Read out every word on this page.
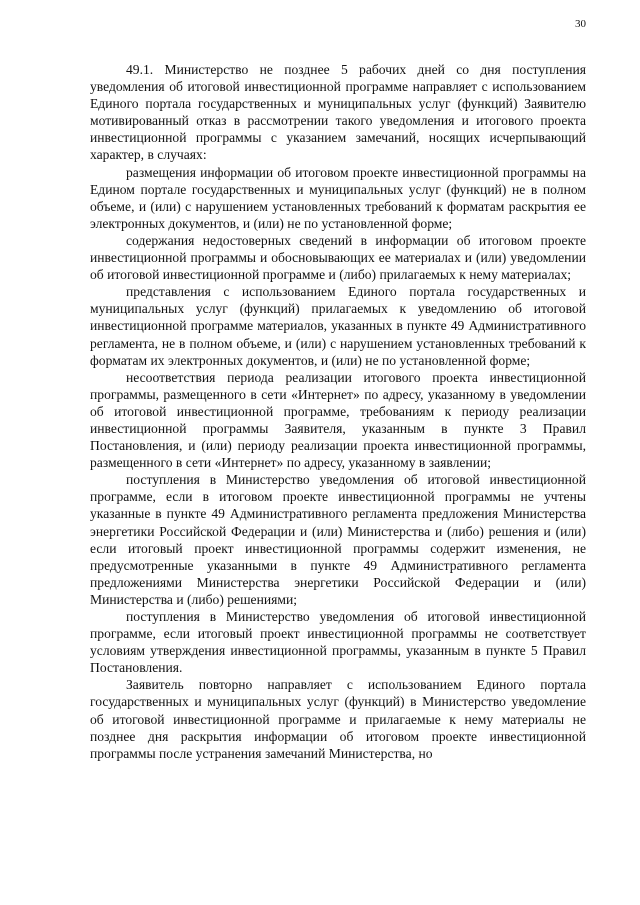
30

49.1. Министерство не позднее 5 рабочих дней со дня поступления уведомления об итоговой инвестиционной программе направляет с использованием Единого портала государственных и муниципальных услуг (функций) Заявителю мотивированный отказ в рассмотрении такого уведомления и итогового проекта инвестиционной программы с указанием замечаний, носящих исчерпывающий характер, в случаях:

размещения информации об итоговом проекте инвестиционной программы на Едином портале государственных и муниципальных услуг (функций) не в полном объеме, и (или) с нарушением установленных требований к форматам раскрытия ее электронных документов, и (или) не по установленной форме;

содержания недостоверных сведений в информации об итоговом проекте инвестиционной программы и обосновывающих ее материалах и (или) уведомлении об итоговой инвестиционной программе и (либо) прилагаемых к нему материалах;

представления с использованием Единого портала государственных и муниципальных услуг (функций) прилагаемых к уведомлению об итоговой инвестиционной программе материалов, указанных в пункте 49 Административного регламента, не в полном объеме, и (или) с нарушением установленных требований к форматам их электронных документов, и (или) не по установленной форме;

несоответствия периода реализации итогового проекта инвестиционной программы, размещенного в сети «Интернет» по адресу, указанному в уведомлении об итоговой инвестиционной программе, требованиям к периоду реализации инвестиционной программы Заявителя, указанным в пункте 3 Правил Постановления, и (или) периоду реализации проекта инвестиционной программы, размещенного в сети «Интернет» по адресу, указанному в заявлении;

поступления в Министерство уведомления об итоговой инвестиционной программе, если в итоговом проекте инвестиционной программы не учтены указанные в пункте 49 Административного регламента предложения Министерства энергетики Российской Федерации и (или) Министерства и (либо) решения и (или) если итоговый проект инвестиционной программы содержит изменения, не предусмотренные указанными в пункте 49 Административного регламента предложениями Министерства энергетики Российской Федерации и (или) Министерства и (либо) решениями;

поступления в Министерство уведомления об итоговой инвестиционной программе, если итоговый проект инвестиционной программы не соответствует условиям утверждения инвестиционной программы, указанным в пункте 5 Правил Постановления.

Заявитель повторно направляет с использованием Единого портала государственных и муниципальных услуг (функций) в Министерство уведомление об итоговой инвестиционной программе и прилагаемые к нему материалы не позднее дня раскрытия информации об итоговом проекте инвестиционной программы после устранения замечаний Министерства, но
